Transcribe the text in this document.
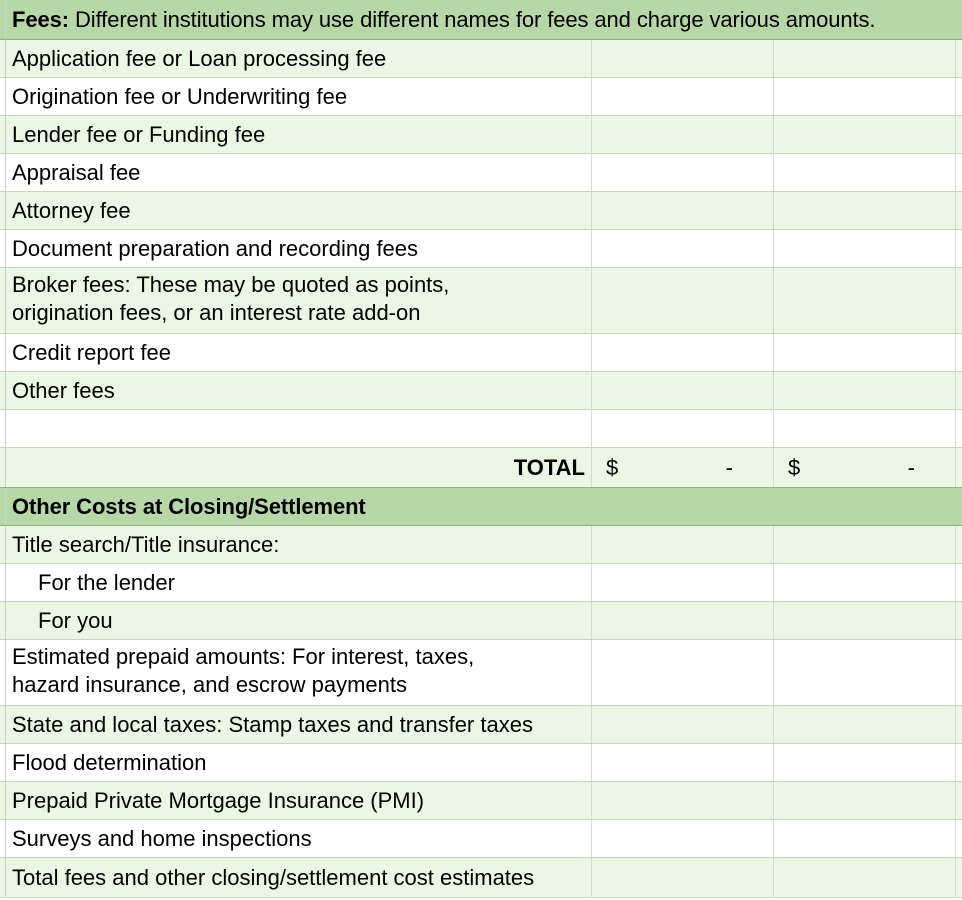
Fees: Different institutions may use different names for fees and charge various amounts.
Application fee or Loan processing fee
Origination fee or Underwriting fee
Lender fee or Funding fee
Appraisal fee
Attorney fee
Document preparation and recording fees
Broker fees: These may be quoted as points,
origination fees, or an interest rate add-on
Credit report fee
Other fees
TOTAL $	-	$	-
Other Costs at Closing/Settlement
Title search/Title insurance:
For the lender
For you
Estimated prepaid amounts: For interest, taxes,
hazard insurance, and escrow payments
State and local taxes: Stamp taxes and transfer taxes
Flood determination
Prepaid Private Mortgage Insurance (PMI)
Surveys and home inspections
Total fees and other closing/settlement cost estimates
